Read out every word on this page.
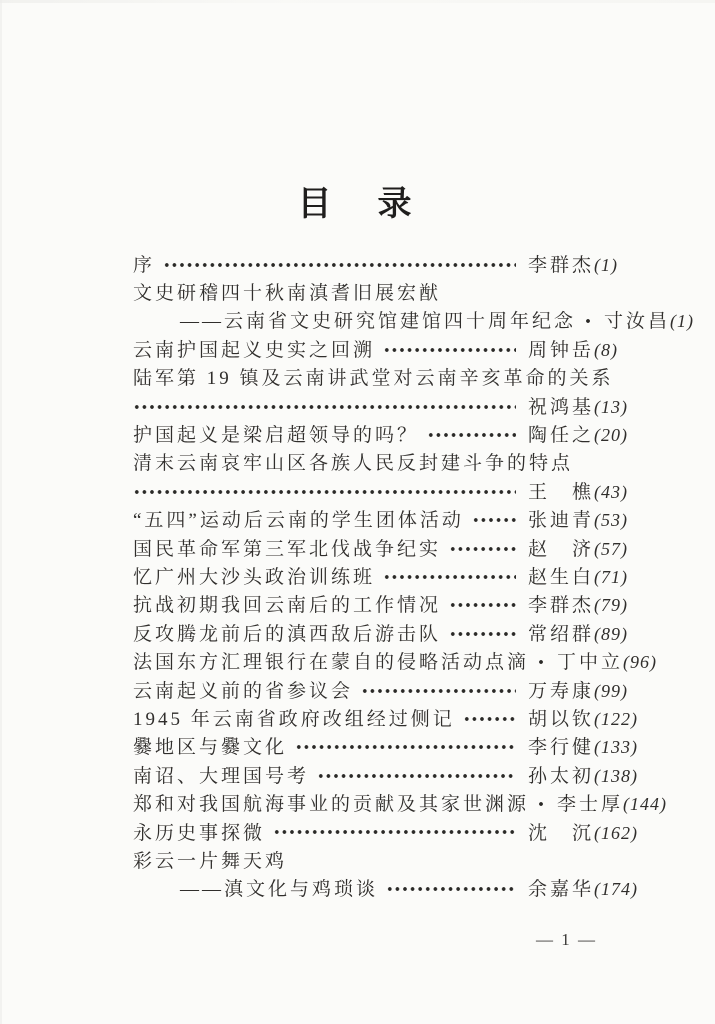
目　录
序	李群杰 (1)
文史研稽四十秋南滇耆旧展宏猷
——云南省文史研究馆建馆四十周年纪念 寸汝昌 (1)
云南护国起义史实之回溯	周钟岳 (8)
陆军第 19 镇及云南讲武堂对云南辛亥革命的关系
祝鸿基 (13)
护国起义是梁启超领导的吗？	陶任之 (20)
清末云南哀牢山区各族人民反封建斗争的特点
王　樵 (43)
“五四”运动后云南的学生团体活动	张迪青 (53)
国民革命军第三军北伐战争纪实	赵　济 (57)
忆广州大沙头政治训练班	赵生白 (71)
抗战初期我回云南后的工作情况	李群杰 (79)
反攻腾龙前后的滇西敌后游击队	常绍群 (89)
法国东方汇理银行在蒙自的侵略活动点滴 丁中立 (96)
云南起义前的省参议会	万寿康 (99)
1945 年云南省政府改组经过侧记	胡以钦 (122)
爨地区与爨文化	李行健 (133)
南诏、大理国号考	孙太初 (138)
郑和对我国航海事业的贡献及其家世渊源 李士厚 (144)
永历史事探微	沈　沉 (162)
彩云一片舞天鸡
——滇文化与鸡琐谈	余嘉华 (174)
— 1 —
